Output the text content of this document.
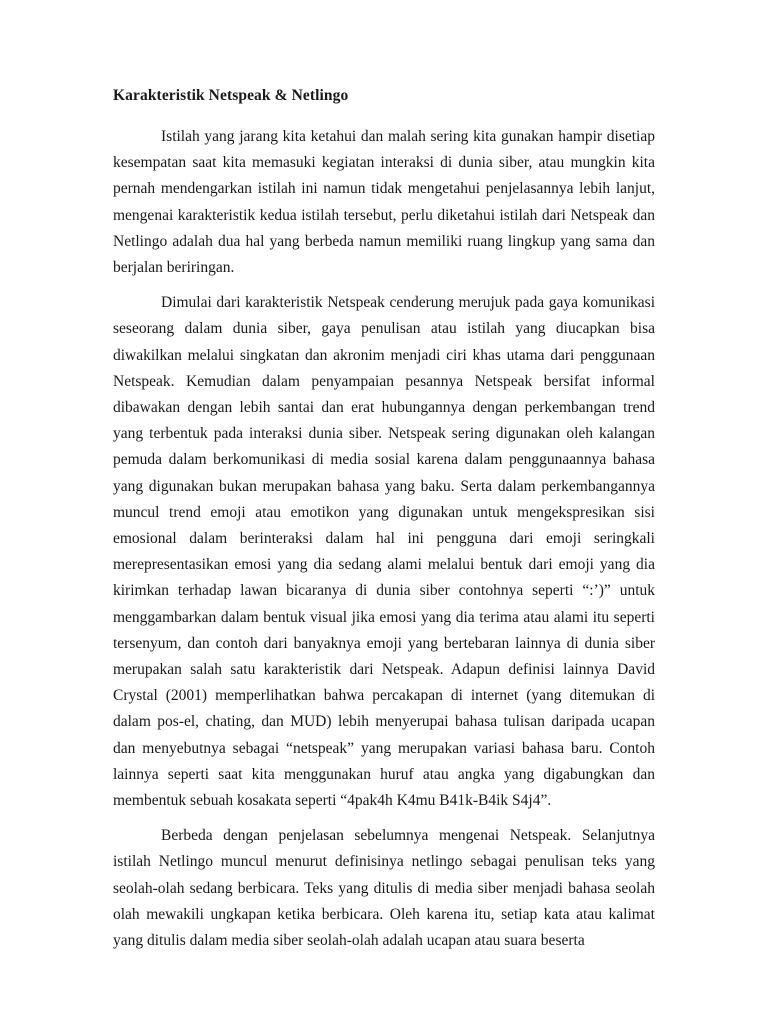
Karakteristik Netspeak & Netlingo

Istilah yang jarang kita ketahui dan malah sering kita gunakan hampir disetiap kesempatan saat kita memasuki kegiatan interaksi di dunia siber, atau mungkin kita pernah mendengarkan istilah ini namun tidak mengetahui penjelasannya lebih lanjut, mengenai karakteristik kedua istilah tersebut, perlu diketahui istilah dari Netspeak dan Netlingo adalah dua hal yang berbeda namun memiliki ruang lingkup yang sama dan berjalan beriringan.

Dimulai dari karakteristik Netspeak cenderung merujuk pada gaya komunikasi seseorang dalam dunia siber, gaya penulisan atau istilah yang diucapkan bisa diwakilkan melalui singkatan dan akronim menjadi ciri khas utama dari penggunaan Netspeak. Kemudian dalam penyampaian pesannya Netspeak bersifat informal dibawakan dengan lebih santai dan erat hubungannya dengan perkembangan trend yang terbentuk pada interaksi dunia siber. Netspeak sering digunakan oleh kalangan pemuda dalam berkomunikasi di media sosial karena dalam penggunaannya bahasa yang digunakan bukan merupakan bahasa yang baku. Serta dalam perkembangannya muncul trend emoji atau emotikon yang digunakan untuk mengekspresikan sisi emosional dalam berinteraksi dalam hal ini pengguna dari emoji seringkali merepresentasikan emosi yang dia sedang alami melalui bentuk dari emoji yang dia kirimkan terhadap lawan bicaranya di dunia siber contohnya seperti “:’)” untuk menggambarkan dalam bentuk visual jika emosi yang dia terima atau alami itu seperti tersenyum, dan contoh dari banyaknya emoji yang bertebaran lainnya di dunia siber merupakan salah satu karakteristik dari Netspeak. Adapun definisi lainnya David Crystal (2001) memperlihatkan bahwa percakapan di internet (yang ditemukan di dalam pos-el, chating, dan MUD) lebih menyerupai bahasa tulisan daripada ucapan dan menyebutnya sebagai “netspeak” yang merupakan variasi bahasa baru. Contoh lainnya seperti saat kita menggunakan huruf atau angka yang digabungkan dan membentuk sebuah kosakata seperti “4pak4h K4mu B41k-B4ik S4j4”.

Berbeda dengan penjelasan sebelumnya mengenai Netspeak. Selanjutnya istilah Netlingo muncul menurut definisinya netlingo sebagai penulisan teks yang seolah-olah sedang berbicara. Teks yang ditulis di media siber menjadi bahasa seolah olah mewakili ungkapan ketika berbicara. Oleh karena itu, setiap kata atau kalimat yang ditulis dalam media siber seolah-olah adalah ucapan atau suara beserta
